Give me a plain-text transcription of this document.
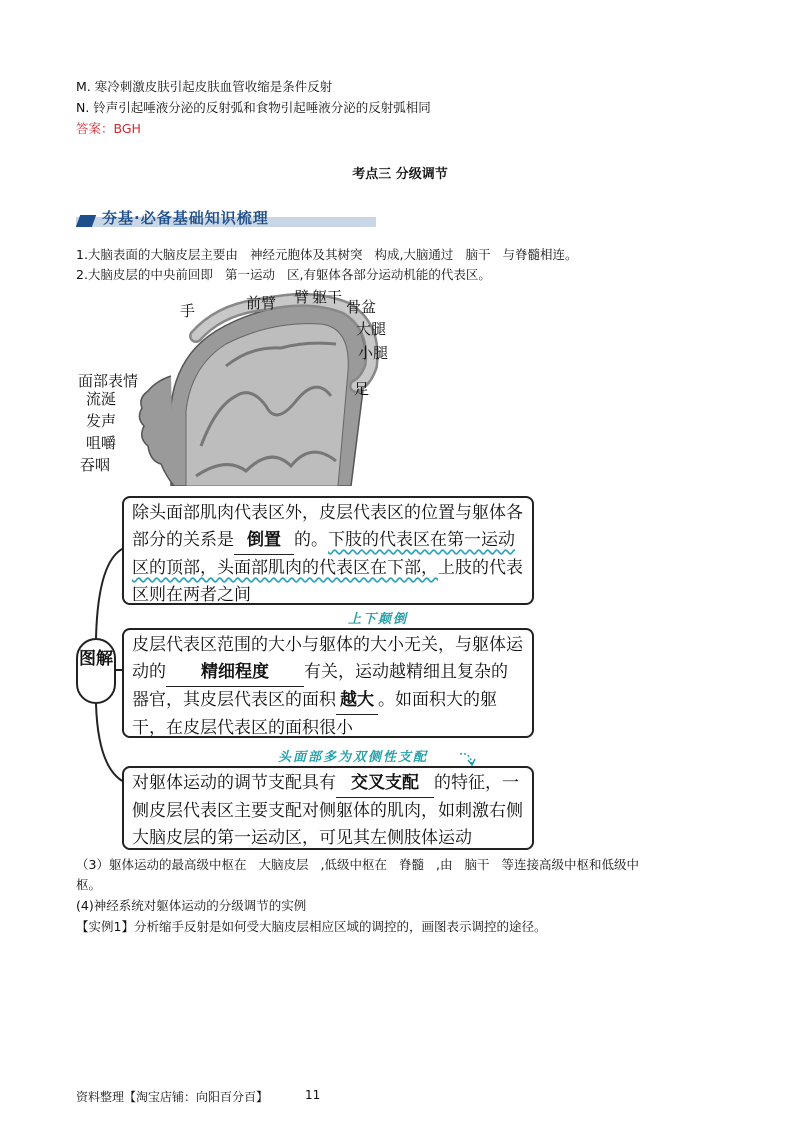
M. 寒冷刺激皮肤引起皮肤血管收缩是条件反射
N. 铃声引起唾液分泌的反射弧和食物引起唾液分泌的反射弧相同
答案：BGH
考点三 分级调节
夯基·必备基础知识梳理
1.大脑表面的大脑皮层主要由 神经元胞体及其树突 构成,大脑通过 脑干 与脊髓相连。
2.大脑皮层的中央前回即 第一运动 区,有躯体各部分运动机能的代表区。
手	前臂 臂 躯干
骨盆
大腿
小腿
足
面部表情
流涎
发声
咀嚼
吞咽
图解
除头面部肌肉代表区外，皮层代表区的位置与躯体各部分的关系是 倒置 的。下肢的代表区在第一运动区的顶部，头面部肌肉的代表区在下部，上肢的代表区则在两者之间
上下颠倒
皮层代表区范围的大小与躯体的大小无关，与躯体运动的 精细程度 有关，运动越精细且复杂的器官，其皮层代表区的面积 越大 。如面积大的躯干，在皮层代表区的面积很小
头面部多为双侧性支配
对躯体运动的调节支配具有 交叉支配 的特征，一侧皮层代表区主要支配对侧躯体的肌肉，如刺激右侧大脑皮层的第一运动区，可见其左侧肢体运动
（3）躯体运动的最高级中枢在 大脑皮层 ,低级中枢在 脊髓 ,由 脑干 等连接高级中枢和低级中
枢。
(4)神经系统对躯体运动的分级调节的实例
【实例1】分析缩手反射是如何受大脑皮层相应区域的调控的，画图表示调控的途径。
资料整理【淘宝店铺：向阳百分百】	11
